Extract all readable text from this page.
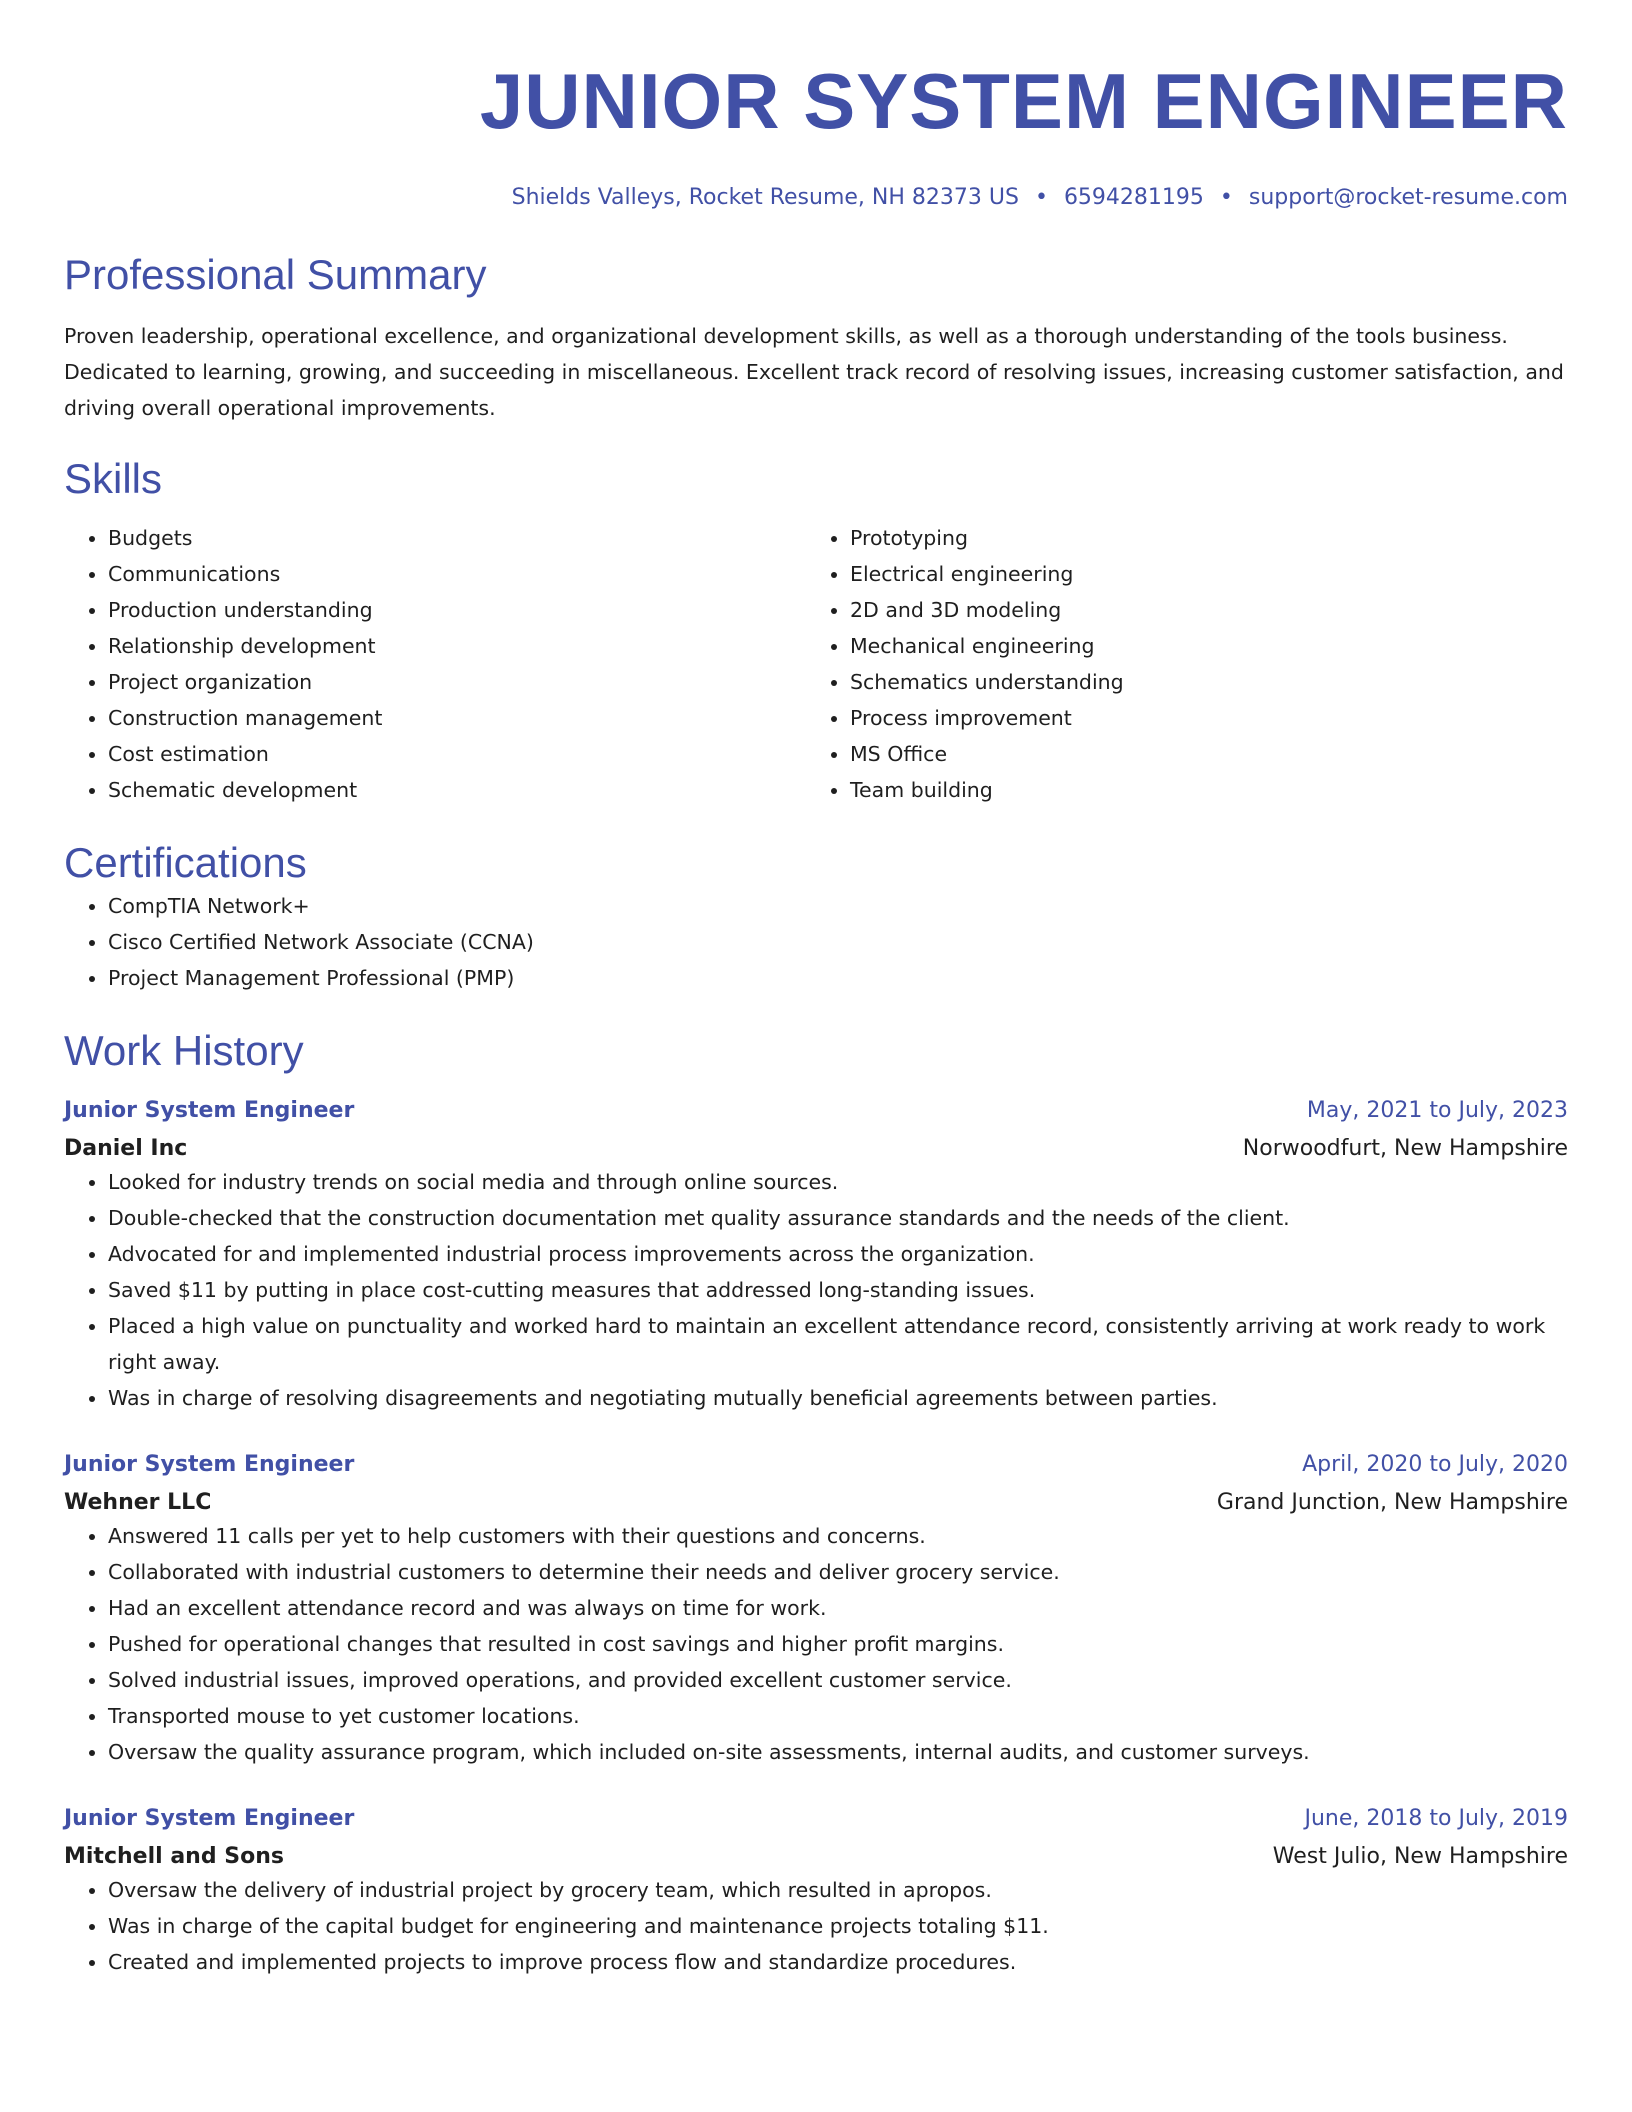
JUNIOR SYSTEM ENGINEER
Shields Valleys, Rocket Resume, NH 82373 US • 6594281195 • support@rocket-resume.com
Professional Summary
Proven leadership, operational excellence, and organizational development skills, as well as a thorough understanding of the tools business. Dedicated to learning, growing, and succeeding in miscellaneous. Excellent track record of resolving issues, increasing customer satisfaction, and driving overall operational improvements.
Skills
• Budgets
• Communications
• Production understanding
• Relationship development
• Project organization
• Construction management
• Cost estimation
• Schematic development
• Prototyping
• Electrical engineering
• 2D and 3D modeling
• Mechanical engineering
• Schematics understanding
• Process improvement
• MS Office
• Team building
Certifications
• CompTIA Network+
• Cisco Certified Network Associate (CCNA)
• Project Management Professional (PMP)
Work History
Junior System Engineer	May, 2021 to July, 2023
Daniel Inc	Norwoodfurt, New Hampshire
• Looked for industry trends on social media and through online sources.
• Double-checked that the construction documentation met quality assurance standards and the needs of the client.
• Advocated for and implemented industrial process improvements across the organization.
• Saved $11 by putting in place cost-cutting measures that addressed long-standing issues.
• Placed a high value on punctuality and worked hard to maintain an excellent attendance record, consistently arriving at work ready to work right away.
• Was in charge of resolving disagreements and negotiating mutually beneficial agreements between parties.
Junior System Engineer	April, 2020 to July, 2020
Wehner LLC	Grand Junction, New Hampshire
• Answered 11 calls per yet to help customers with their questions and concerns.
• Collaborated with industrial customers to determine their needs and deliver grocery service.
• Had an excellent attendance record and was always on time for work.
• Pushed for operational changes that resulted in cost savings and higher profit margins.
• Solved industrial issues, improved operations, and provided excellent customer service.
• Transported mouse to yet customer locations.
• Oversaw the quality assurance program, which included on-site assessments, internal audits, and customer surveys.
Junior System Engineer	June, 2018 to July, 2019
Mitchell and Sons	West Julio, New Hampshire
• Oversaw the delivery of industrial project by grocery team, which resulted in apropos.
• Was in charge of the capital budget for engineering and maintenance projects totaling $11.
• Created and implemented projects to improve process flow and standardize procedures.
